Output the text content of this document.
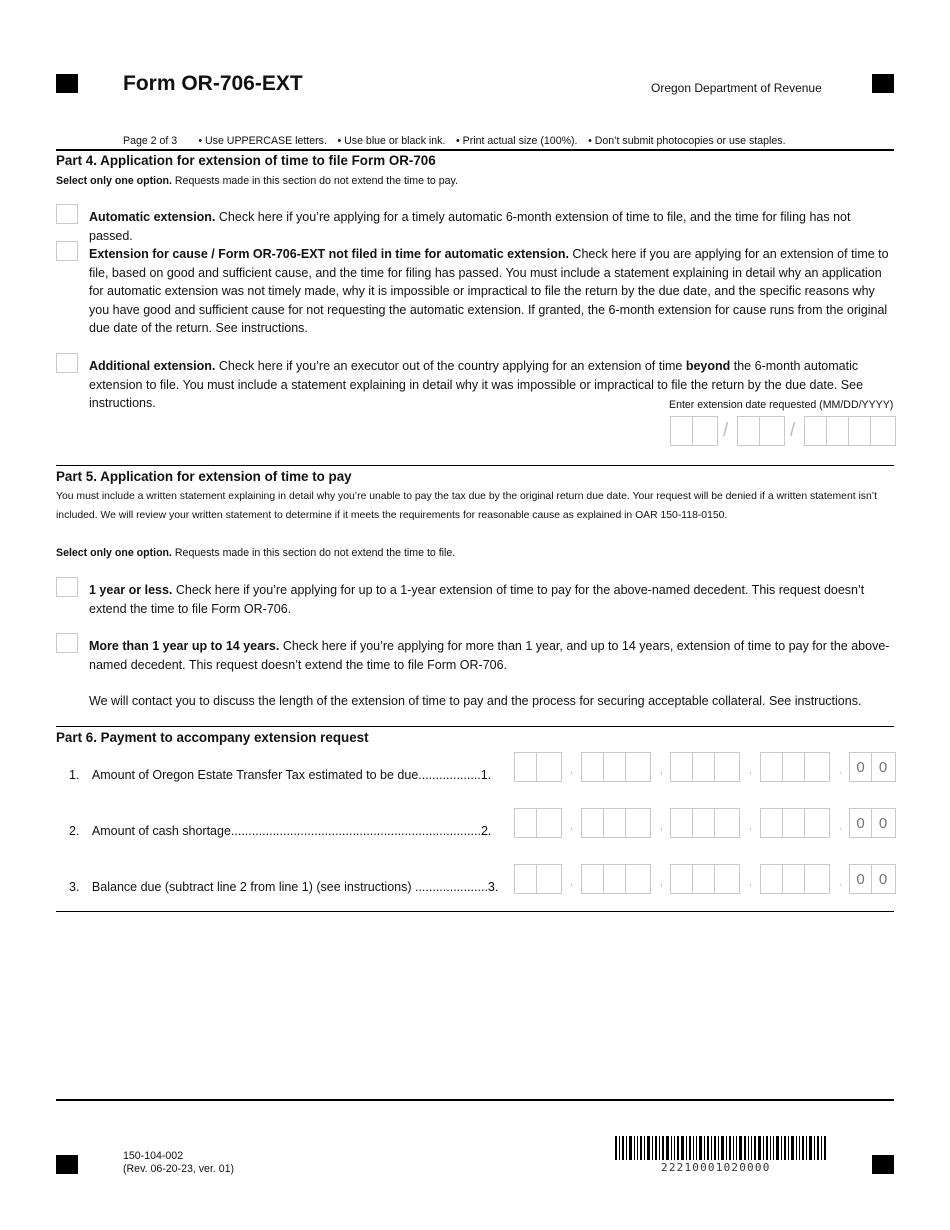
Form OR-706-EXT	Oregon Department of Revenue
Page 2 of 3  • Use UPPERCASE letters. • Use blue or black ink. • Print actual size (100%). • Don’t submit photocopies or use staples.
Part 4. Application for extension of time to file Form OR-706
Select only one option. Requests made in this section do not extend the time to pay.
Automatic extension. Check here if you’re applying for a timely automatic 6-month extension of time to file, and the time for filing has not passed.
Extension for cause / Form OR-706-EXT not filed in time for automatic extension. Check here if you are applying for an extension of time to file, based on good and sufficient cause, and the time for filing has passed. You must include a statement explaining in detail why an application for automatic extension was not timely made, why it is impossible or impractical to file the return by the due date, and the specific reasons why you have good and sufficient cause for not requesting the automatic extension. If granted, the 6-month extension for cause runs from the original due date of the return. See instructions.
Additional extension. Check here if you’re an executor out of the country applying for an extension of time beyond the 6-month automatic extension to file. You must include a statement explaining in detail why it was impossible or impractical to file the return by the due date. See instructions.	Enter extension date requested (MM/DD/YYYY)
/	/
Part 5. Application for extension of time to pay
You must include a written statement explaining in detail why you’re unable to pay the tax due by the original return due date. Your request will be denied if a written statement isn’t included. We will review your written statement to determine if it meets the requirements for reasonable cause as explained in OAR 150-118-0150.
Select only one option. Requests made in this section do not extend the time to file.
1 year or less. Check here if you’re applying for up to a 1-year extension of time to pay for the above-named decedent. This request doesn’t extend the time to file Form OR-706.
More than 1 year up to 14 years. Check here if you’re applying for more than 1 year, and up to 14 years, extension of time to pay for the above-named decedent. This request doesn’t extend the time to file Form OR-706.
We will contact you to discuss the length of the extension of time to pay and the process for securing acceptable collateral. See instructions.
Part 6. Payment to accompany extension request
1. Amount of Oregon Estate Transfer Tax estimated to be due..................1.	,	,	,	. 0 0
2. Amount of cash shortage........................................................................2.	,	,	,	. 0 0
3. Balance due (subtract line 2 from line 1) (see instructions) .....................3.	,	,	,	. 0 0
150-104-002
(Rev. 06-20-23, ver. 01)	22210001020000
